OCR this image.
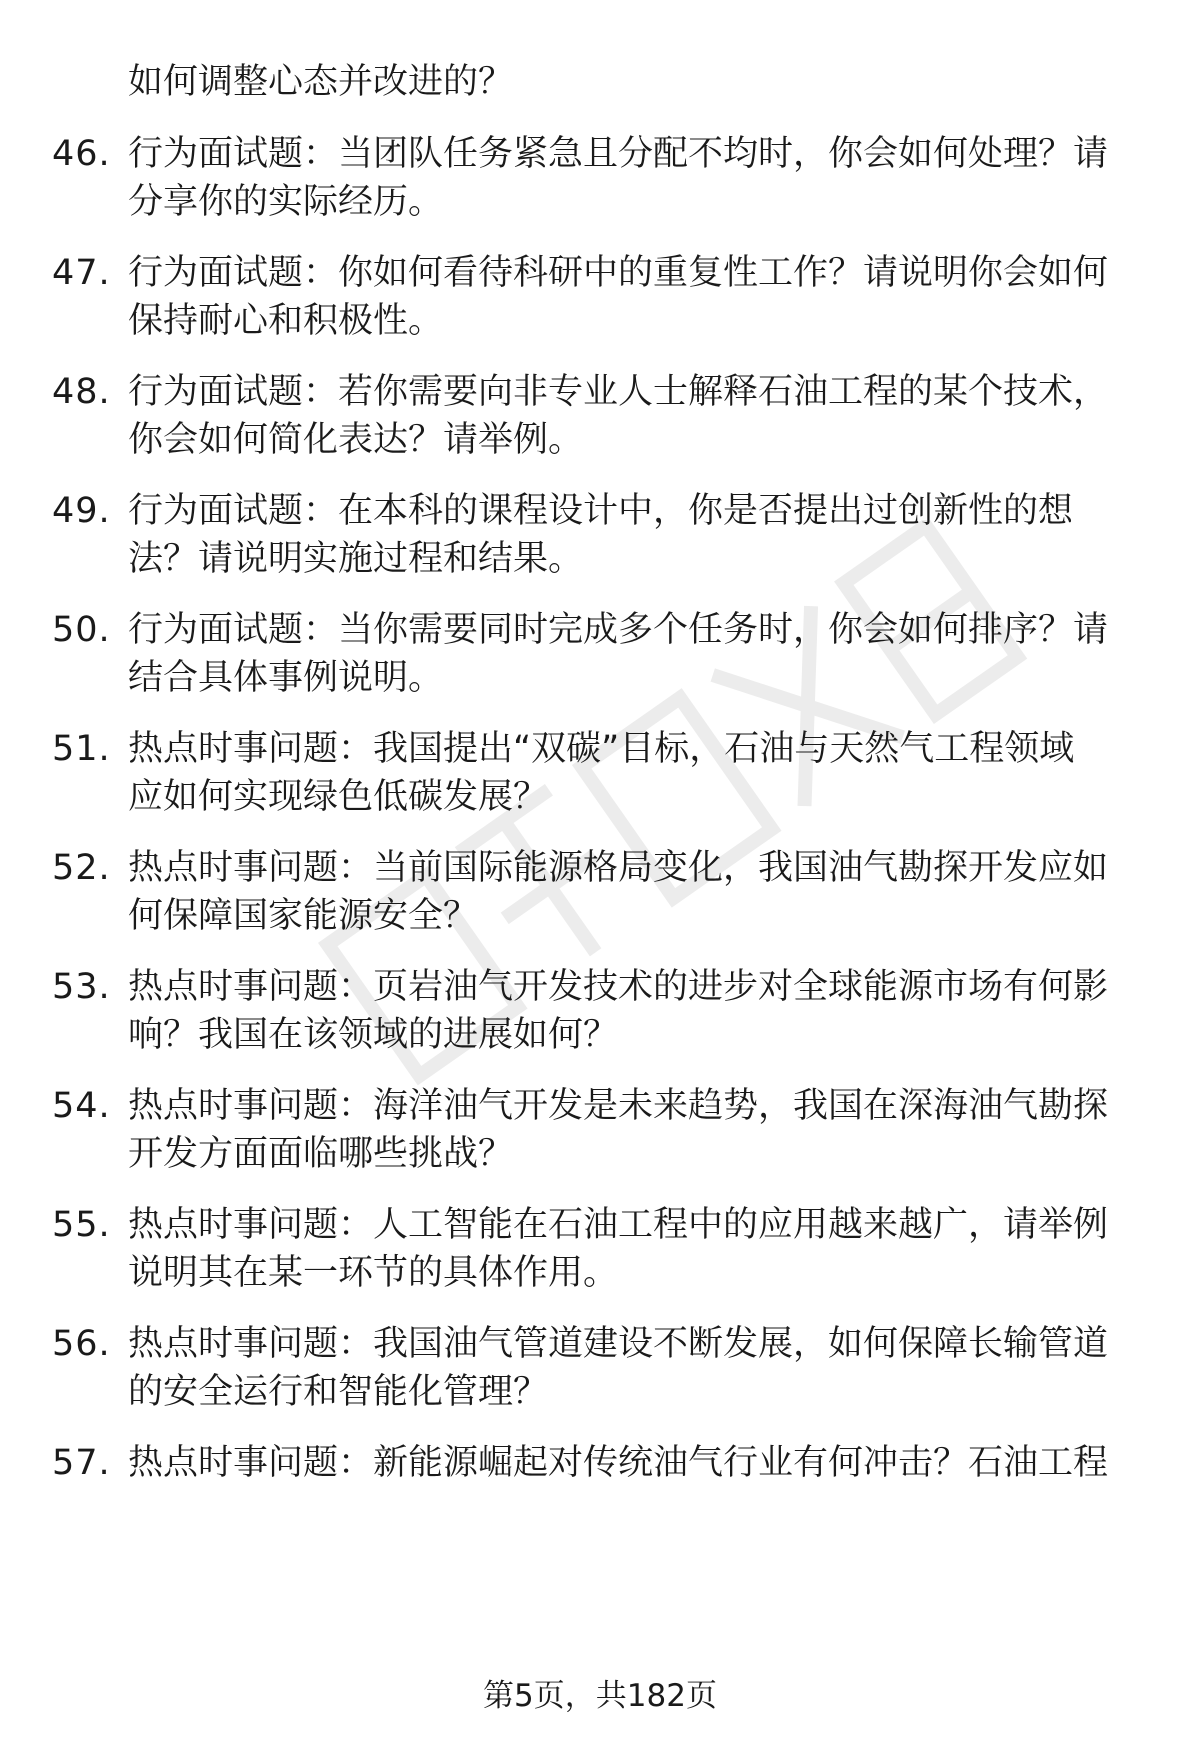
如何调整心态并改进的？

46. 行为面试题：当团队任务紧急且分配不均时，你会如何处理？请
分享你的实际经历。
47. 行为面试题：你如何看待科研中的重复性工作？请说明你会如何
保持耐心和积极性。
48. 行为面试题：若你需要向非专业人士解释石油工程的某个技术，
你会如何简化表达？请举例。
49. 行为面试题：在本科的课程设计中，你是否提出过创新性的想
法？请说明实施过程和结果。
50. 行为面试题：当你需要同时完成多个任务时，你会如何排序？请
结合具体事例说明。
51. 热点时事问题：我国提出“双碳”目标，石油与天然气工程领域
应如何实现绿色低碳发展？
52. 热点时事问题：当前国际能源格局变化，我国油气勘探开发应如
何保障国家能源安全？
53. 热点时事问题：页岩油气开发技术的进步对全球能源市场有何影
响？我国在该领域的进展如何？
54. 热点时事问题：海洋油气开发是未来趋势，我国在深海油气勘探
开发方面面临哪些挑战？
55. 热点时事问题：人工智能在石油工程中的应用越来越广，请举例
说明其在某一环节的具体作用。
56. 热点时事问题：我国油气管道建设不断发展，如何保障长输管道
的安全运行和智能化管理？
57. 热点时事问题：新能源崛起对传统油气行业有何冲击？石油工程
第5页，共182页
